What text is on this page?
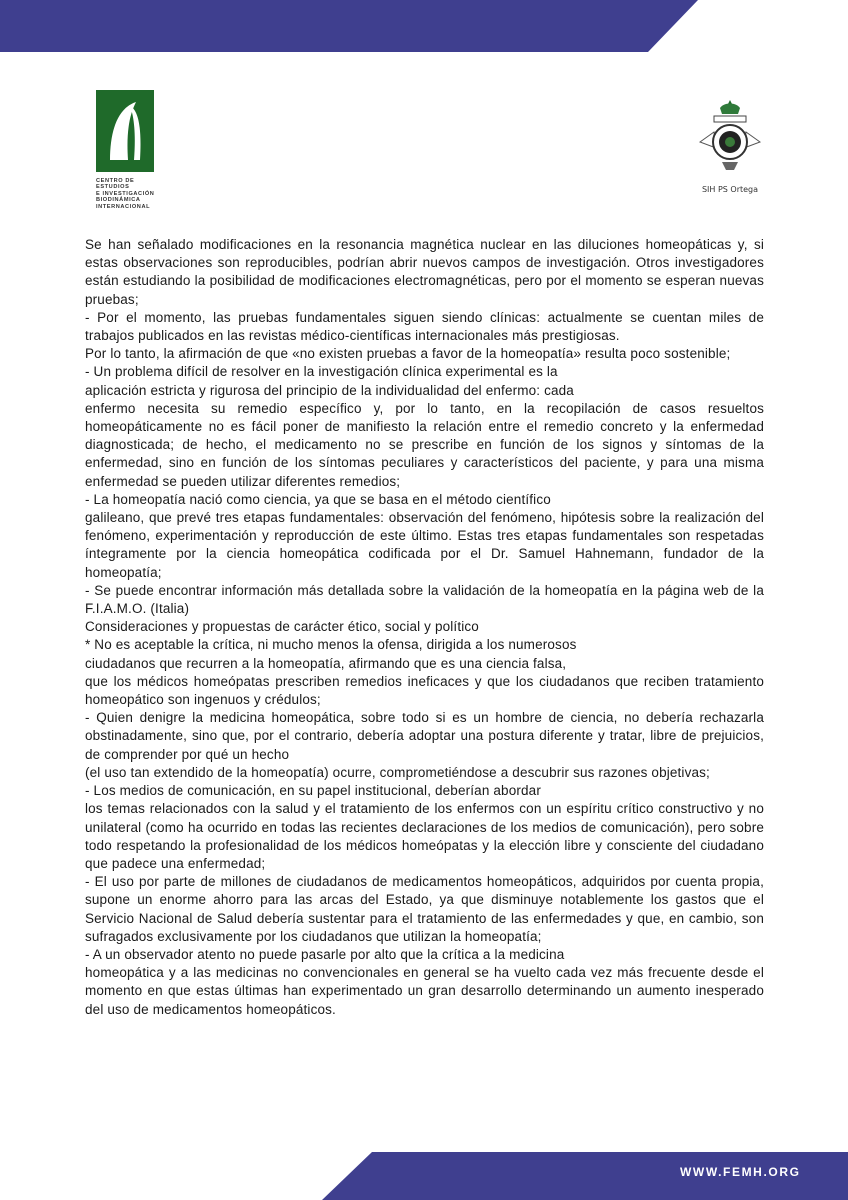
CENTRO DE ESTUDIOS
E INVESTIGACIÓN
BIODINÁMICA
INTERNACIONAL
SIH PS Ortega

Se han señalado modificaciones en la resonancia magnética nuclear en las diluciones homeopáticas y, si estas observaciones son reproducibles, podrían abrir nuevos campos de investigación. Otros investigadores están estudiando la posibilidad de modificaciones electromagnéticas, pero por el momento se esperan nuevas pruebas;

- Por el momento, las pruebas fundamentales siguen siendo clínicas: actualmente se cuentan miles de trabajos publicados en las revistas médico-científicas internacionales más prestigiosas.

Por lo tanto, la afirmación de que «no existen pruebas a favor de la homeopatía» resulta poco sostenible;

- Un problema difícil de resolver en la investigación clínica experimental es la

aplicación estricta y rigurosa del principio de la individualidad del enfermo: cada

enfermo necesita su remedio específico y, por lo tanto, en la recopilación de casos resueltos homeopáticamente no es fácil poner de manifiesto la relación entre el remedio concreto y la enfermedad diagnosticada; de hecho, el medicamento no se prescribe en función de los signos y síntomas de la enfermedad, sino en función de los síntomas peculiares y característicos del paciente, y para una misma enfermedad se pueden utilizar diferentes remedios;

- La homeopatía nació como ciencia, ya que se basa en el método científico

galileano, que prevé tres etapas fundamentales: observación del fenómeno, hipótesis sobre la realización del fenómeno, experimentación y reproducción de este último. Estas tres etapas fundamentales son respetadas íntegramente por la ciencia homeopática codificada por el Dr. Samuel Hahnemann, fundador de la homeopatía;

- Se puede encontrar información más detallada sobre la validación de la homeopatía en la página web de la F.I.A.M.O. (Italia)

Consideraciones y propuestas de carácter ético, social y político

* No es aceptable la crítica, ni mucho menos la ofensa, dirigida a los numerosos

ciudadanos que recurren a la homeopatía, afirmando que es una ciencia falsa,

que los médicos homeópatas prescriben remedios ineficaces y que los ciudadanos que reciben tratamiento homeopático son ingenuos y crédulos;

- Quien denigre la medicina homeopática, sobre todo si es un hombre de ciencia, no debería rechazarla obstinadamente, sino que, por el contrario, debería adoptar una postura diferente y tratar, libre de prejuicios, de comprender por qué un hecho

(el uso tan extendido de la homeopatía) ocurre, comprometiéndose a descubrir sus razones objetivas;

- Los medios de comunicación, en su papel institucional, deberían abordar

los temas relacionados con la salud y el tratamiento de los enfermos con un espíritu crítico constructivo y no unilateral (como ha ocurrido en todas las recientes declaraciones de los medios de comunicación), pero sobre todo respetando la profesionalidad de los médicos homeópatas y la elección libre y consciente del ciudadano que padece una enfermedad;

- El uso por parte de millones de ciudadanos de medicamentos homeopáticos, adquiridos por cuenta propia, supone un enorme ahorro para las arcas del Estado, ya que disminuye notablemente los gastos que el Servicio Nacional de Salud debería sustentar para el tratamiento de las enfermedades y que, en cambio, son sufragados exclusivamente por los ciudadanos que utilizan la homeopatía;

- A un observador atento no puede pasarle por alto que la crítica a la medicina

homeopática y a las medicinas no convencionales en general se ha vuelto cada vez más frecuente desde el momento en que estas últimas han experimentado un gran desarrollo determinando un aumento inesperado del uso de medicamentos homeopáticos.

WWW.FEMH.ORG
